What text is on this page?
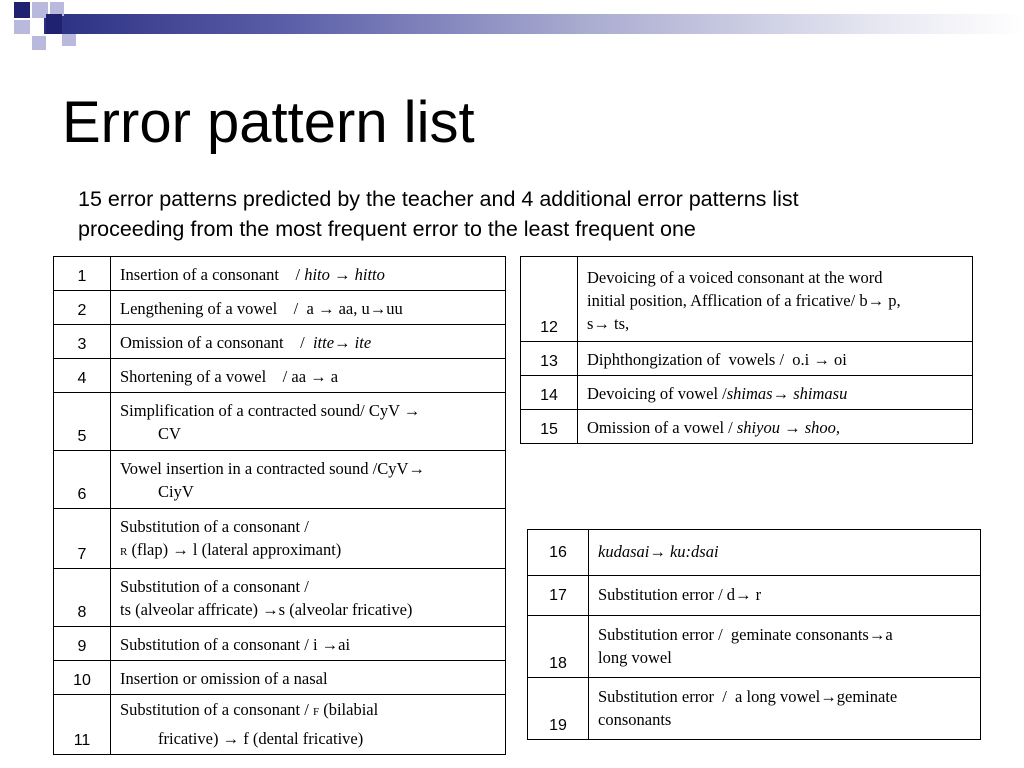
Error pattern list
15 error patterns predicted by the teacher and 4 additional error patterns list
proceeding from the most frequent error to the least frequent one
1	Insertion of a consonant    / hito → hitto
2	Lengthening of a vowel    /  a → aa, u→uu
3	Omission of a consonant    /  itte→ ite
4	Shortening of a vowel    / aa → a
5	Simplification of a contracted sound/ CyV →
CV

6	Vowel insertion in a contracted sound /CyV→
CiyV

7	Substitution of a consonant /
R (flap) → l (lateral approximant)

8	Substitution of a consonant /
ts (alveolar affricate) →s (alveolar fricative)

9	Substitution of a consonant / i →ai
10	Insertion or omission of a nasal
11	Substitution of a consonant / F (bilabial
fricative) → f (dental fricative)
12	Devoicing of a voiced consonant at the word
initial position, Afflication of a fricative/ b→ p,
s→ ts,

13	Diphthongization of  vowels /  o.i → oi
14	Devoicing of vowel /shimas→ shimasu
15	Omission of a vowel / shiyou → shoo,
16	kudasai→ ku:dsai
17	Substitution error / d→ r
18	Substitution error /  geminate consonants→a
long vowel

19	Substitution error  /  a long vowel→geminate
consonants
